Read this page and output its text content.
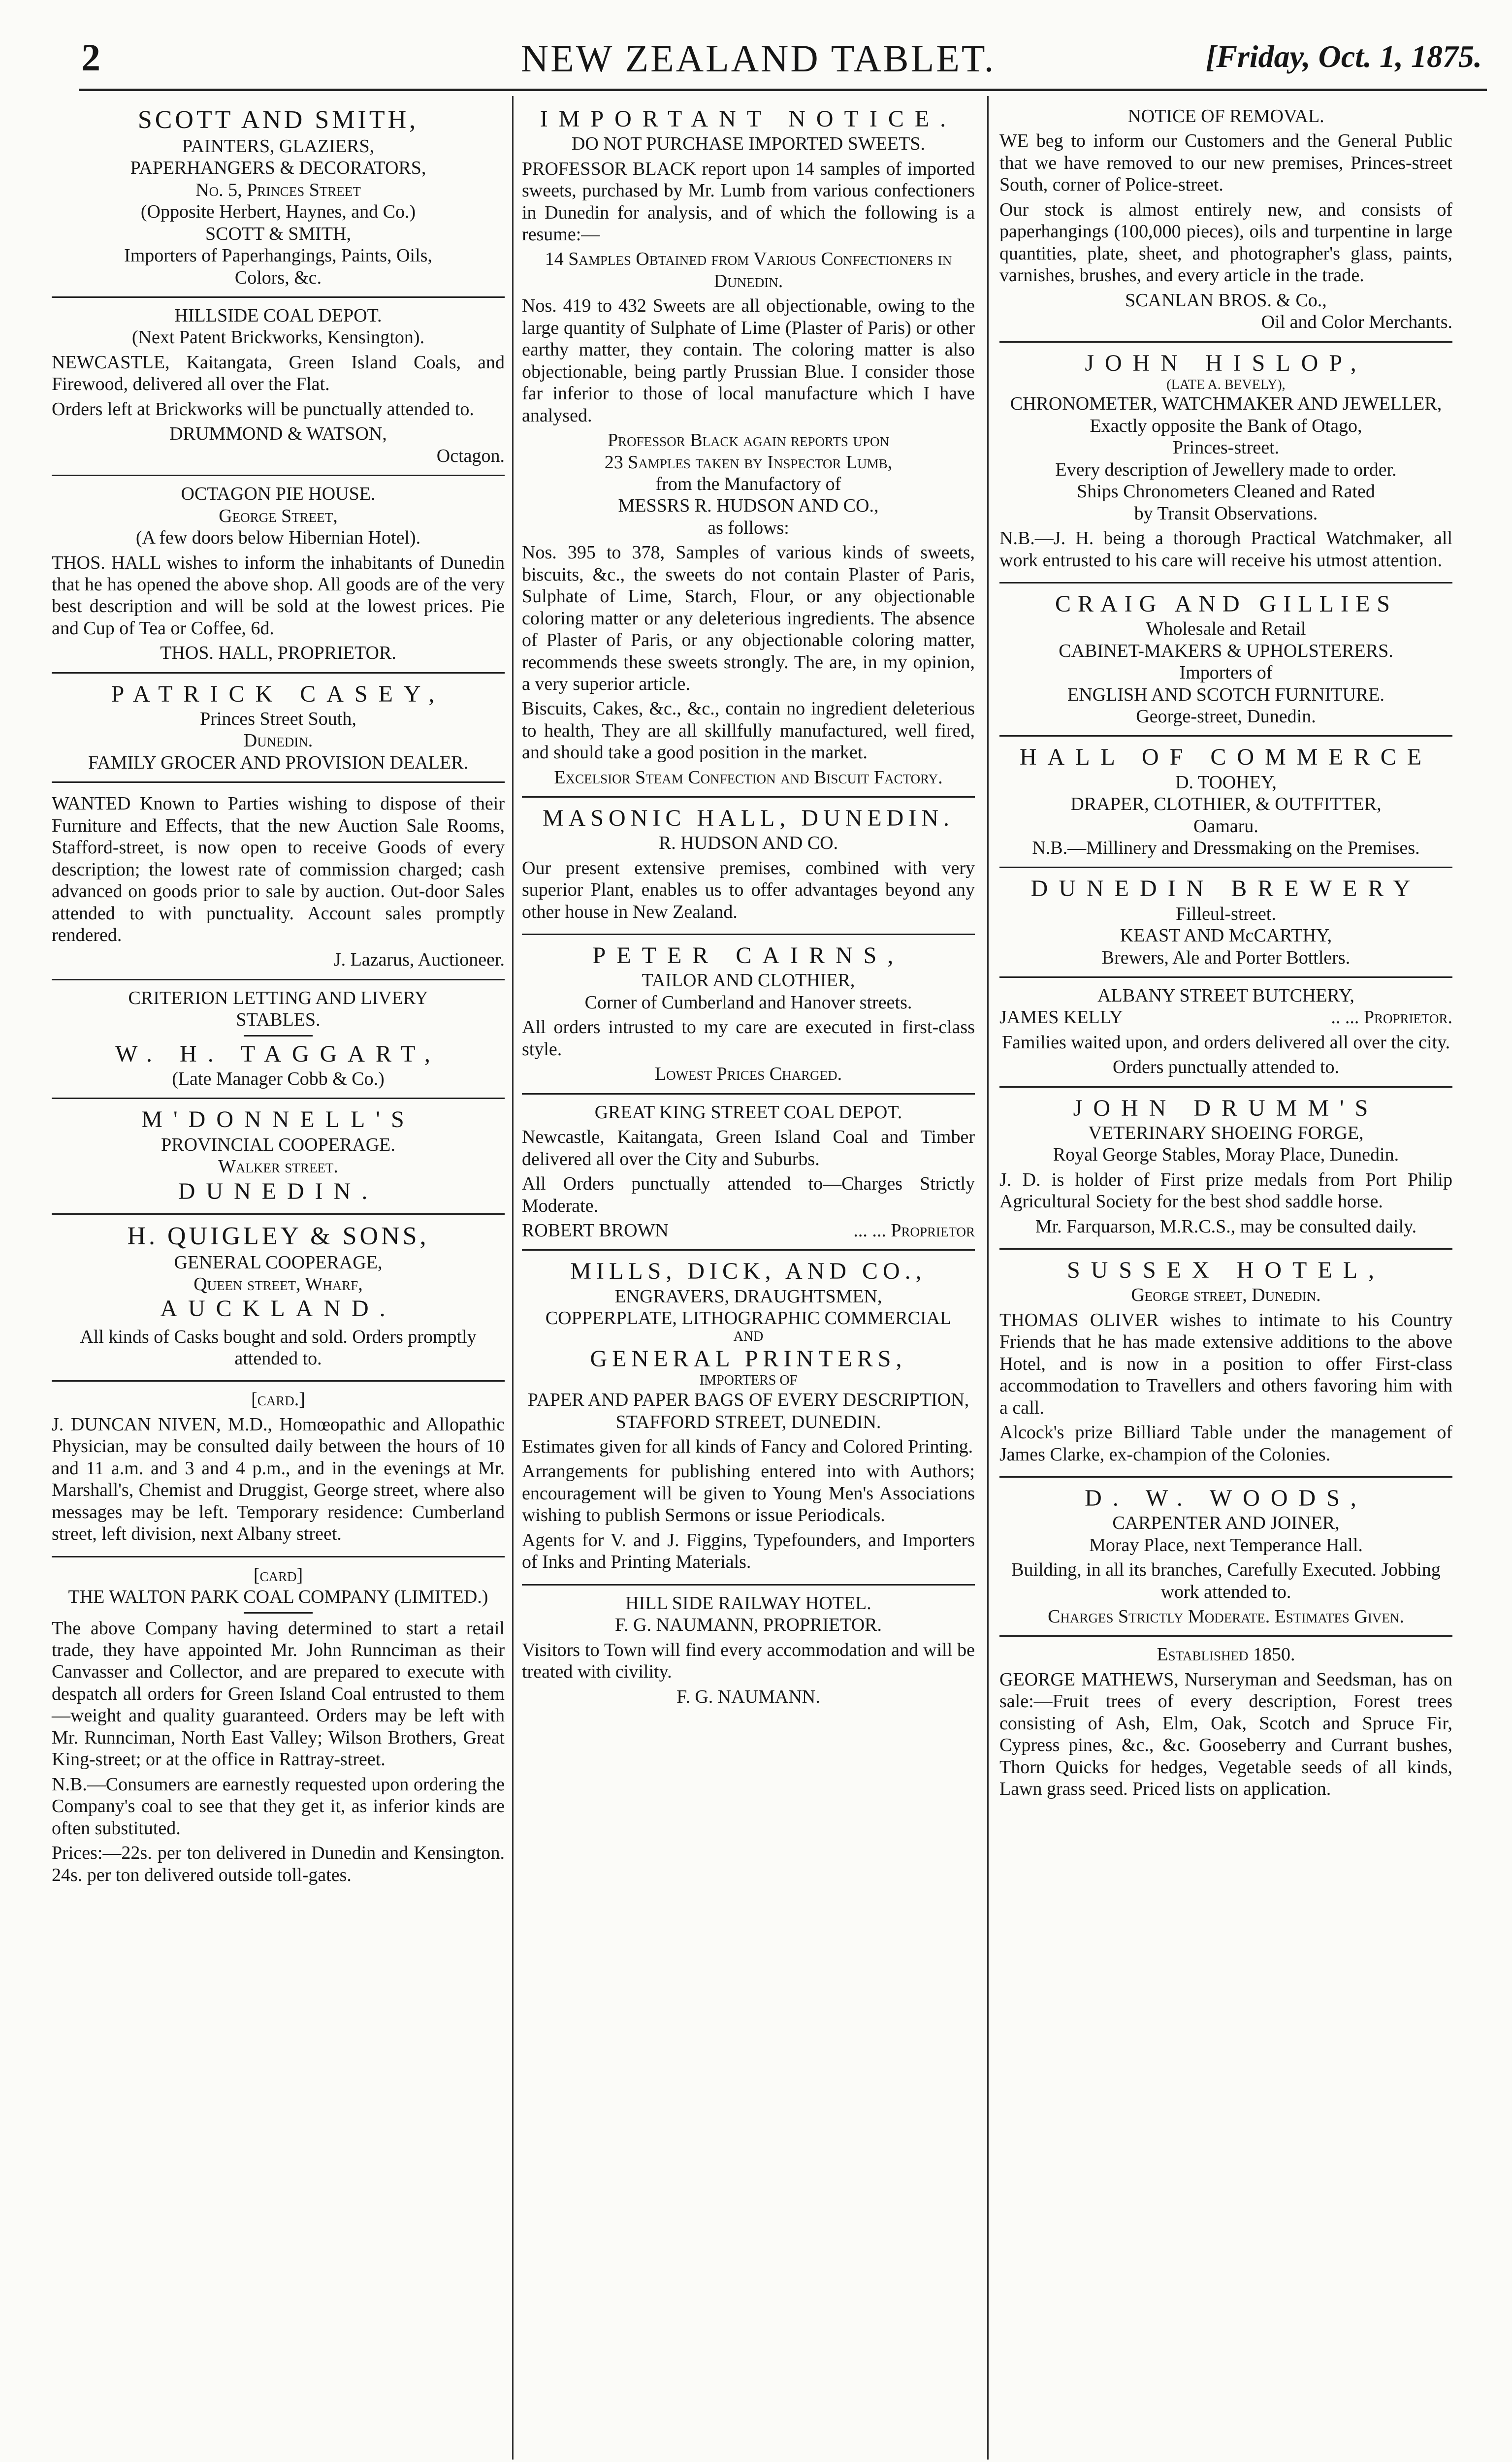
2	NEW ZEALAND TABLET.	[Friday, Oct. 1, 1875.
SCOTT AND SMITH,
PAINTERS, GLAZIERS,
PAPERHANGERS & DECORATORS,
No. 5, Princes Street
(Opposite Herbert, Haynes, and Co.)
SCOTT & SMITH,
Importers of Paperhangings, Paints, Oils,
Colors, &c.
HILLSIDE COAL DEPOT.
(Next Patent Brickworks, Kensington).

NEWCASTLE, Kaitangata, Green Island Coals, and Firewood, delivered all over the Flat.

Orders left at Brickworks will be punctually attended to.

DRUMMOND & WATSON,
Octagon.
OCTAGON PIE HOUSE.
George Street,
(A few doors below Hibernian Hotel).

THOS. HALL wishes to inform the inhabitants of Dunedin that he has opened the above shop. All goods are of the very best description and will be sold at the lowest prices. Pie and Cup of Tea or Coffee, 6d.

THOS. HALL, PROPRIETOR.
PATRICK CASEY,
Princes Street South,
Dunedin.
FAMILY GROCER AND PROVISION DEALER.

WANTED Known to Parties wishing to dispose of their Furniture and Effects, that the new Auction Sale Rooms, Stafford-street, is now open to receive Goods of every description; the lowest rate of commission charged; cash advanced on goods prior to sale by auction. Out-door Sales attended to with punctuality. Account sales promptly rendered.

J. Lazarus, Auctioneer.
CRITERION LETTING AND LIVERY
STABLES.
W. H. TAGGART,
(Late Manager Cobb & Co.)
M'DONNELL'S
PROVINCIAL COOPERAGE.
Walker street.
DUNEDIN.
H. QUIGLEY & SONS,
GENERAL COOPERAGE,
Queen street, Wharf,
AUCKLAND.

All kinds of Casks bought and sold. Orders promptly attended to.

[card.]

J. DUNCAN NIVEN, M.D., Homœopathic and Allopathic Physician, may be consulted daily between the hours of 10 and 11 a.m. and 3 and 4 p.m., and in the evenings at Mr. Marshall's, Chemist and Druggist, George street, where also messages may be left. Temporary residence: Cumberland street, left division, next Albany street.

[card]
THE WALTON PARK COAL COMPANY (LIMITED.)

The above Company having determined to start a retail trade, they have appointed Mr. John Runnciman as their Canvasser and Collector, and are prepared to execute with despatch all orders for Green Island Coal entrusted to them—weight and quality guaranteed. Orders may be left with Mr. Runnciman, North East Valley; Wilson Brothers, Great King-street; or at the office in Rattray-street.

N.B.—Consumers are earnestly requested upon ordering the Company's coal to see that they get it, as inferior kinds are often substituted.

Prices:—22s. per ton delivered in Dunedin and Kensington. 24s. per ton delivered outside toll-gates.

IMPORTANT NOTICE.
DO NOT PURCHASE IMPORTED SWEETS.

PROFESSOR BLACK report upon 14 samples of imported sweets, purchased by Mr. Lumb from various confectioners in Dunedin for analysis, and of which the following is a resume:—

14 Samples Obtained from Various Confectioners in Dunedin.

Nos. 419 to 432 Sweets are all objectionable, owing to the large quantity of Sulphate of Lime (Plaster of Paris) or other earthy matter, they contain. The coloring matter is also objectionable, being partly Prussian Blue. I consider those far inferior to those of local manufacture which I have analysed.

Professor Black again reports upon
23 Samples taken by Inspector Lumb,
from the Manufactory of
MESSRS R. HUDSON AND CO.,
as follows:

Nos. 395 to 378, Samples of various kinds of sweets, biscuits, &c., the sweets do not contain Plaster of Paris, Sulphate of Lime, Starch, Flour, or any objectionable coloring matter or any deleterious ingredients. The absence of Plaster of Paris, or any objectionable coloring matter, recommends these sweets strongly. The are, in my opinion, a very superior article.

Biscuits, Cakes, &c., &c., contain no ingredient deleterious to health, They are all skillfully manufactured, well fired, and should take a good position in the market.

Excelsior Steam Confection and Biscuit Factory.
MASONIC HALL, DUNEDIN.
R. HUDSON AND CO.

Our present extensive premises, combined with very superior Plant, enables us to offer advantages beyond any other house in New Zealand.

PETER CAIRNS,
TAILOR AND CLOTHIER,
Corner of Cumberland and Hanover streets.

All orders intrusted to my care are executed in first-class style.

Lowest Prices Charged.
GREAT KING STREET COAL DEPOT.

Newcastle, Kaitangata, Green Island Coal and Timber delivered all over the City and Suburbs.

All Orders punctually attended to—Charges Strictly Moderate.

ROBERT BROWN	... ... Proprietor
MILLS, DICK, AND CO.,
ENGRAVERS, DRAUGHTSMEN,
COPPERPLATE, LITHOGRAPHIC COMMERCIAL
AND
GENERAL PRINTERS,
IMPORTERS OF
PAPER AND PAPER BAGS OF EVERY DESCRIPTION,
STAFFORD STREET, DUNEDIN.

Estimates given for all kinds of Fancy and Colored Printing.

Arrangements for publishing entered into with Authors; encouragement will be given to Young Men's Associations wishing to publish Sermons or issue Periodicals.

Agents for V. and J. Figgins, Typefounders, and Importers of Inks and Printing Materials.

HILL SIDE RAILWAY HOTEL.
F. G. NAUMANN, PROPRIETOR.

Visitors to Town will find every accommodation and will be treated with civility.

F. G. NAUMANN.
NOTICE OF REMOVAL.

WE beg to inform our Customers and the General Public that we have removed to our new premises, Princes-street South, corner of Police-street.

Our stock is almost entirely new, and consists of paperhangings (100,000 pieces), oils and turpentine in large quantities, plate, sheet, and photographer's glass, paints, varnishes, brushes, and every article in the trade.

SCANLAN BROS. & Co.,
Oil and Color Merchants.
JOHN HISLOP,
(LATE A. BEVELY),
CHRONOMETER, WATCHMAKER AND JEWELLER,
Exactly opposite the Bank of Otago,
Princes-street.
Every description of Jewellery made to order.
Ships Chronometers Cleaned and Rated
by Transit Observations.

N.B.—J. H. being a thorough Practical Watchmaker, all work entrusted to his care will receive his utmost attention.

CRAIG AND GILLIES
Wholesale and Retail
CABINET-MAKERS & UPHOLSTERERS.
Importers of
ENGLISH AND SCOTCH FURNITURE.
George-street, Dunedin.
HALL OF COMMERCE
D. TOOHEY,
DRAPER, CLOTHIER, & OUTFITTER,
Oamaru.
N.B.—Millinery and Dressmaking on the Premises.
DUNEDIN BREWERY
Filleul-street.
KEAST AND McCARTHY,
Brewers, Ale and Porter Bottlers.
ALBANY STREET BUTCHERY,
JAMES KELLY	.. ... Proprietor.

Families waited upon, and orders delivered all over the city.

Orders punctually attended to.
JOHN DRUMM'S
VETERINARY SHOEING FORGE,
Royal George Stables, Moray Place, Dunedin.

J. D. is holder of First prize medals from Port Philip Agricultural Society for the best shod saddle horse.

Mr. Farquarson, M.R.C.S., may be consulted daily.

SUSSEX HOTEL,
George street, Dunedin.

THOMAS OLIVER wishes to intimate to his Country Friends that he has made extensive additions to the above Hotel, and is now in a position to offer First-class accommodation to Travellers and others favoring him with a call.

Alcock's prize Billiard Table under the management of James Clarke, ex-champion of the Colonies.

D. W. WOODS,
CARPENTER AND JOINER,
Moray Place, next Temperance Hall.

Building, in all its branches, Carefully Executed. Jobbing work attended to.

Charges Strictly Moderate. Estimates Given.
Established 1850.

GEORGE MATHEWS, Nurseryman and Seedsman, has on sale:—Fruit trees of every description, Forest trees consisting of Ash, Elm, Oak, Scotch and Spruce Fir, Cypress pines, &c., &c. Gooseberry and Currant bushes, Thorn Quicks for hedges, Vegetable seeds of all kinds, Lawn grass seed. Priced lists on application.
